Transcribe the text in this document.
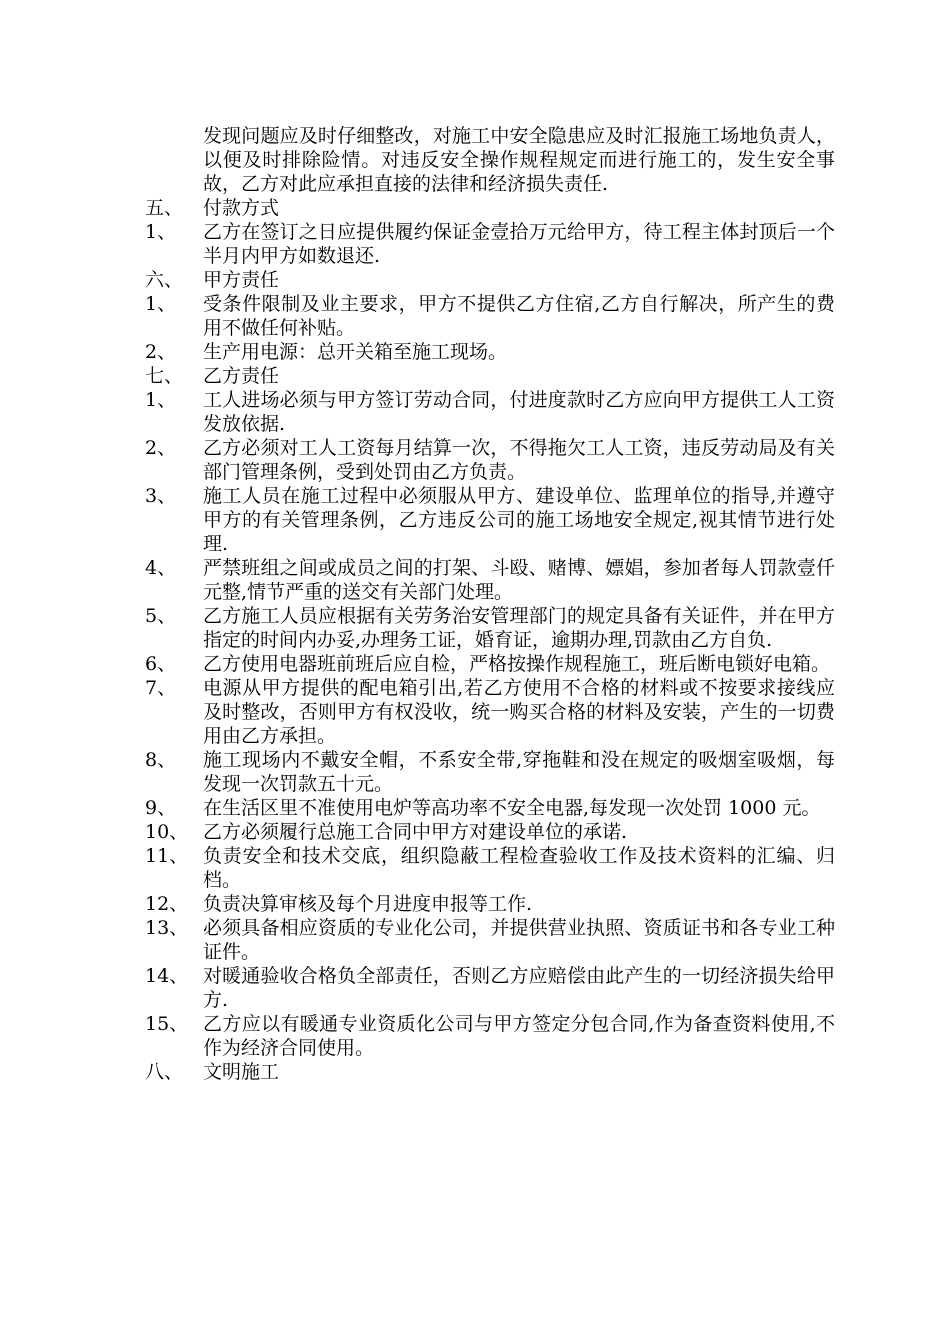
发现问题应及时仔细整改，对施工中安全隐患应及时汇报施工场地负责人，以便及时排除险情。对违反安全操作规程规定而进行施工的，发生安全事故，乙方对此应承担直接的法律和经济损失责任.
五、	付款方式
1、	乙方在签订之日应提供履约保证金壹拾万元给甲方，待工程主体封顶后一个半月内甲方如数退还.
六、	甲方责任
1、	受条件限制及业主要求，甲方不提供乙方住宿,乙方自行解决，所产生的费用不做任何补贴。
2、	生产用电源：总开关箱至施工现场。
七、	乙方责任
1、	工人进场必须与甲方签订劳动合同，付进度款时乙方应向甲方提供工人工资发放依据.
2、	乙方必须对工人工资每月结算一次，不得拖欠工人工资，违反劳动局及有关部门管理条例，受到处罚由乙方负责。
3、	施工人员在施工过程中必须服从甲方、建设单位、监理单位的指导,并遵守甲方的有关管理条例，乙方违反公司的施工场地安全规定,视其情节进行处理.
4、	严禁班组之间或成员之间的打架、斗殴、赌博、嫖娼，参加者每人罚款壹仟元整,情节严重的送交有关部门处理。
5、	乙方施工人员应根据有关劳务治安管理部门的规定具备有关证件，并在甲方指定的时间内办妥,办理务工证，婚育证，逾期办理,罚款由乙方自负.
6、	乙方使用电器班前班后应自检，严格按操作规程施工，班后断电锁好电箱。
7、	电源从甲方提供的配电箱引出,若乙方使用不合格的材料或不按要求接线应及时整改，否则甲方有权没收，统一购买合格的材料及安装，产生的一切费用由乙方承担。
8、	施工现场内不戴安全帽，不系安全带,穿拖鞋和没在规定的吸烟室吸烟，每发现一次罚款五十元。
9、	在生活区里不准使用电炉等高功率不安全电器,每发现一次处罚 1000 元。
10、 乙方必须履行总施工合同中甲方对建设单位的承诺.
11、 负责安全和技术交底，组织隐蔽工程检查验收工作及技术资料的汇编、归档。
12、 负责决算审核及每个月进度申报等工作.
13、 必须具备相应资质的专业化公司，并提供营业执照、资质证书和各专业工种证件。
14、 对暖通验收合格负全部责任，否则乙方应赔偿由此产生的一切经济损失给甲方.
15、 乙方应以有暖通专业资质化公司与甲方签定分包合同,作为备查资料使用,不作为经济合同使用。
八、	文明施工
